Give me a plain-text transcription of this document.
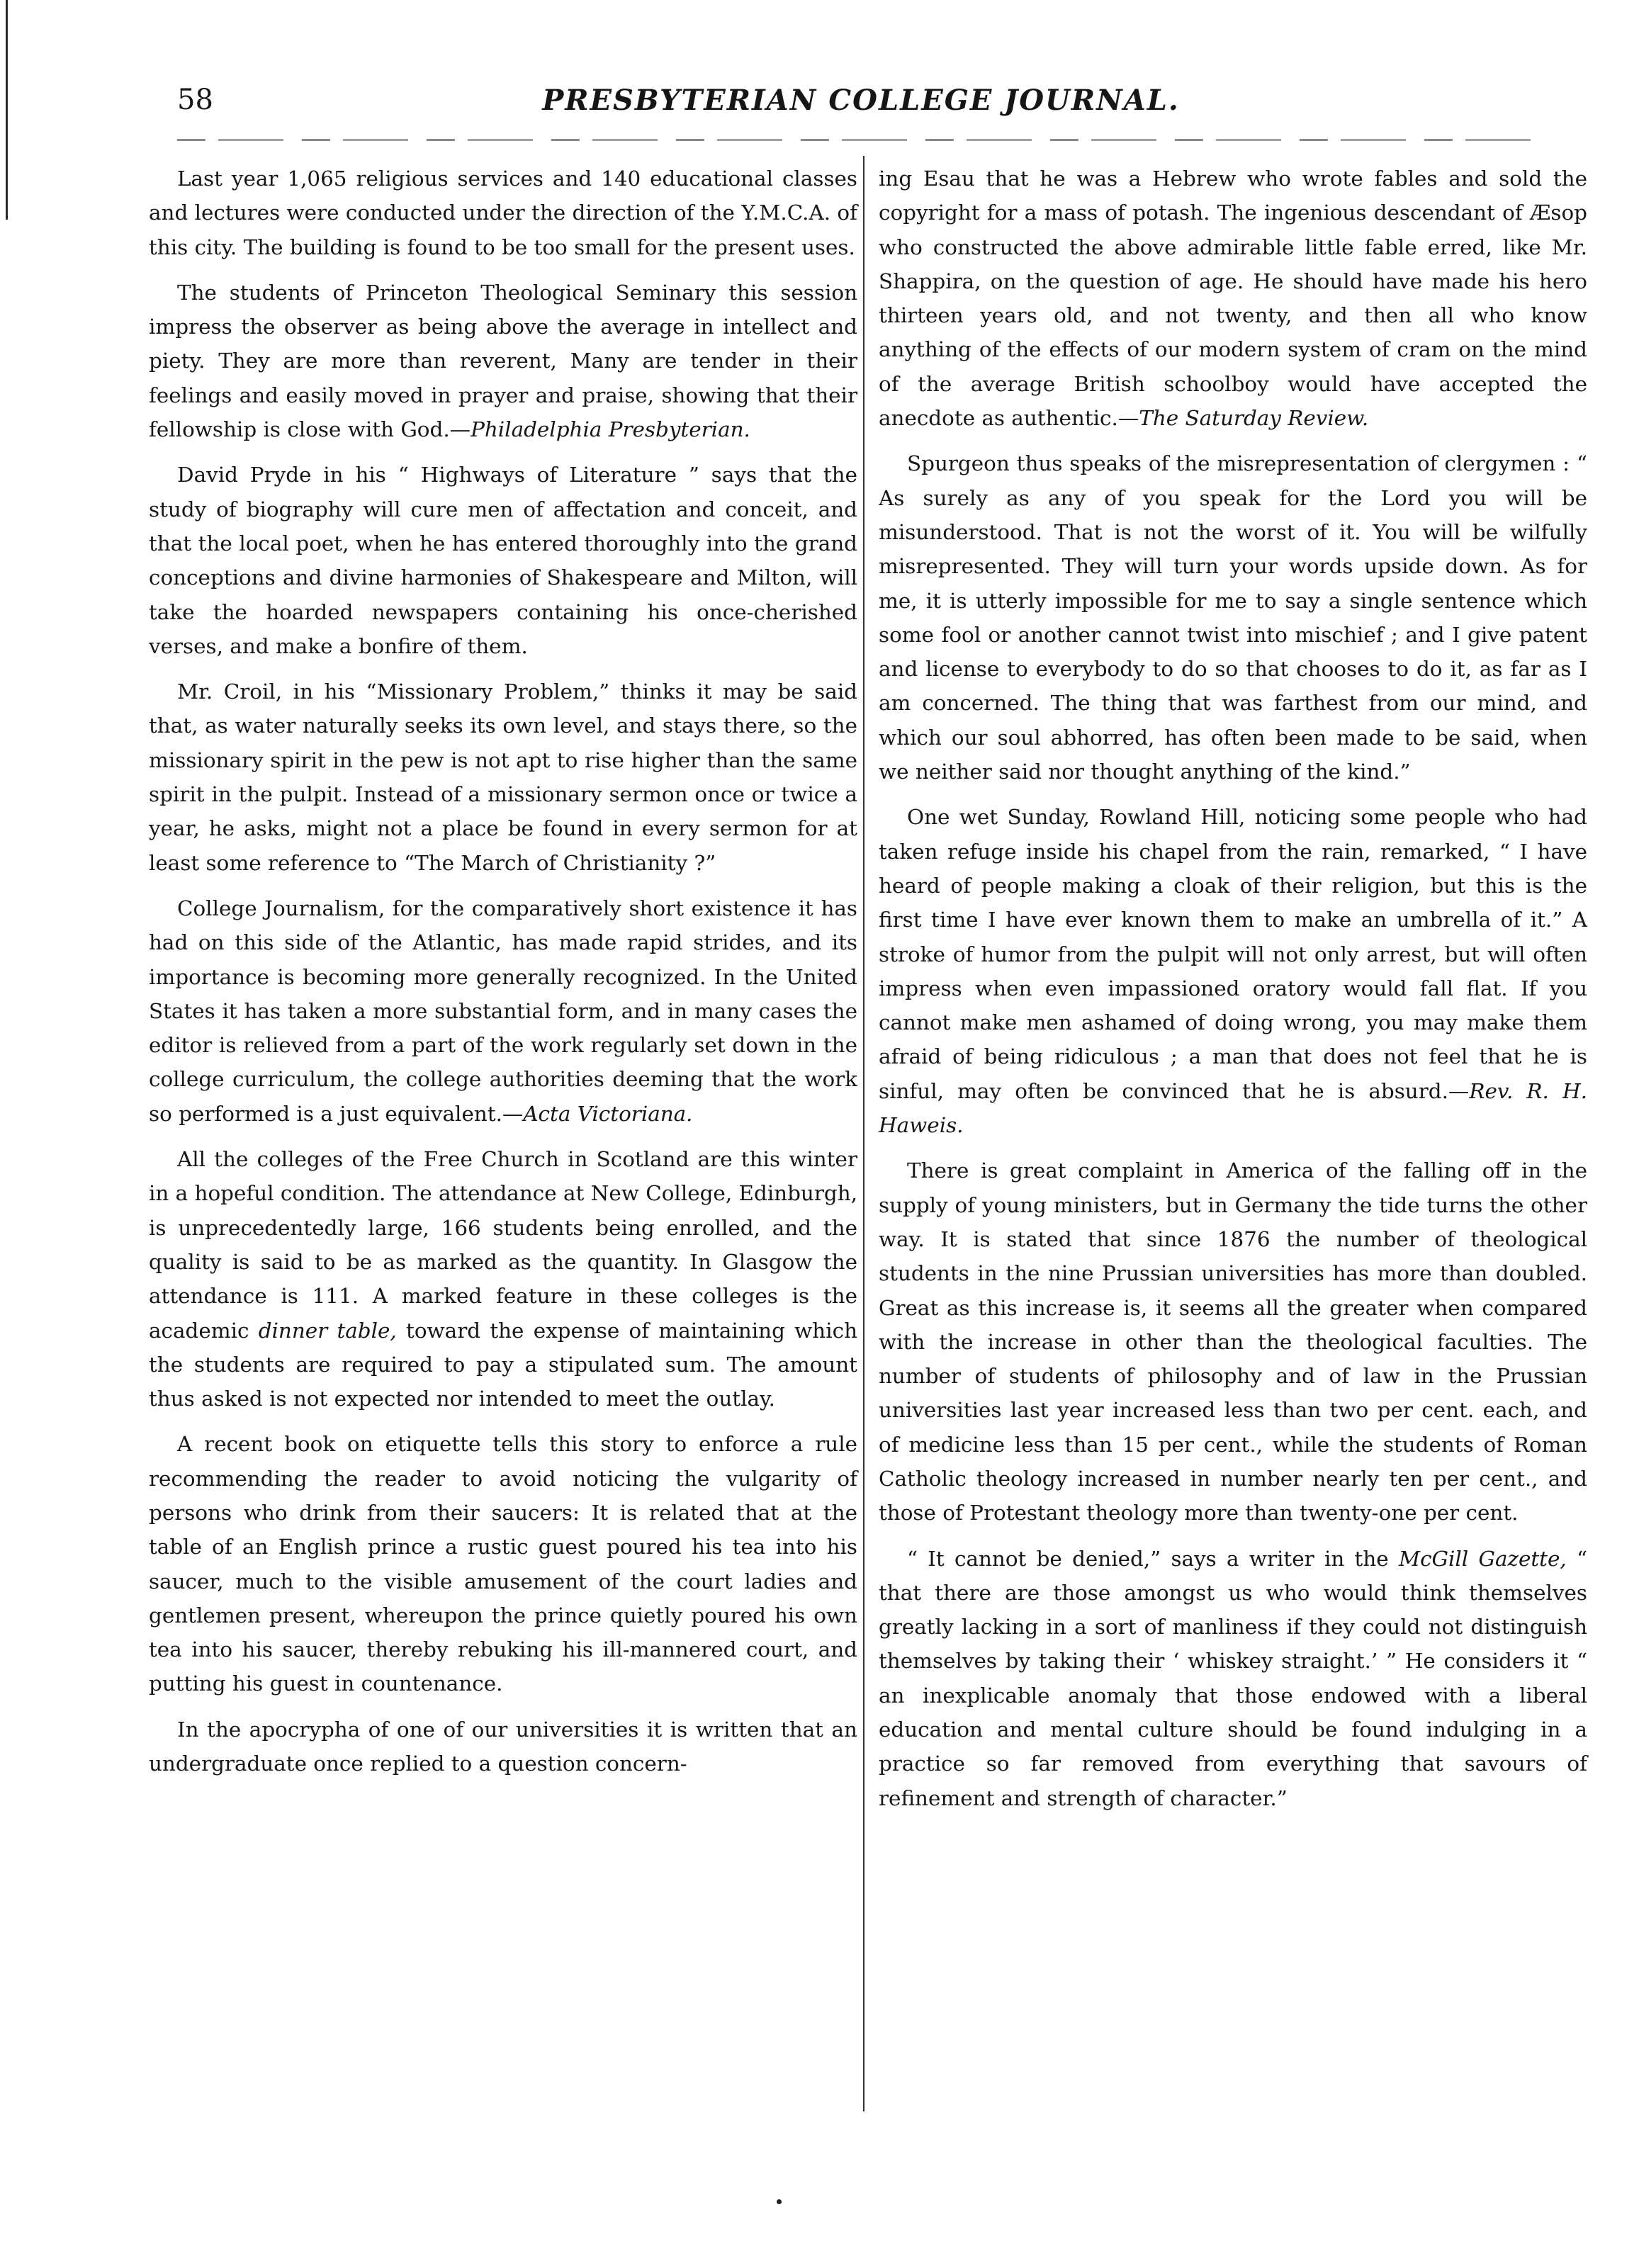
58	PRESBYTERIAN COLLEGE JOURNAL.

Last year 1,065 religious services and 140 educational classes and lectures were conducted under the direction of the Y.M.C.A. of this city. The building is found to be too small for the present uses.

The students of Princeton Theological Seminary this session impress the observer as being above the average in intellect and piety. They are more than reverent, Many are tender in their feelings and easily moved in prayer and praise, showing that their fellowship is close with God.—Philadelphia Presbyterian.

David Pryde in his “ Highways of Literature ” says that the study of biography will cure men of affectation and conceit, and that the local poet, when he has entered thoroughly into the grand conceptions and divine harmonies of Shakespeare and Milton, will take the hoarded newspapers containing his once-cherished verses, and make a bonfire of them.

Mr. Croil, in his “Missionary Problem,” thinks it may be said that, as water naturally seeks its own level, and stays there, so the missionary spirit in the pew is not apt to rise higher than the same spirit in the pulpit. Instead of a missionary sermon once or twice a year, he asks, might not a place be found in every sermon for at least some reference to “The March of Christianity ?”

College Journalism, for the comparatively short existence it has had on this side of the Atlantic, has made rapid strides, and its importance is becoming more generally recognized. In the United States it has taken a more substantial form, and in many cases the editor is relieved from a part of the work regularly set down in the college curriculum, the college authorities deeming that the work so performed is a just equivalent.—Acta Victoriana.

All the colleges of the Free Church in Scotland are this winter in a hopeful condition. The attendance at New College, Edinburgh, is unprecedentedly large, 166 students being enrolled, and the quality is said to be as marked as the quantity. In Glasgow the attendance is 111. A marked feature in these colleges is the academic dinner table, toward the expense of maintaining which the students are required to pay a stipulated sum. The amount thus asked is not expected nor intended to meet the outlay.

A recent book on etiquette tells this story to enforce a rule recommending the reader to avoid noticing the vulgarity of persons who drink from their saucers: It is related that at the table of an English prince a rustic guest poured his tea into his saucer, much to the visible amusement of the court ladies and gentlemen present, whereupon the prince quietly poured his own tea into his saucer, thereby rebuking his ill-mannered court, and putting his guest in countenance.

In the apocrypha of one of our universities it is written that an undergraduate once replied to a question concern-

ing Esau that he was a Hebrew who wrote fables and sold the copyright for a mass of potash. The ingenious descendant of Æsop who constructed the above admirable little fable erred, like Mr. Shappira, on the question of age. He should have made his hero thirteen years old, and not twenty, and then all who know anything of the effects of our modern system of cram on the mind of the average British schoolboy would have accepted the anecdote as authentic.—The Saturday Review.

Spurgeon thus speaks of the misrepresentation of clergymen : “ As surely as any of you speak for the Lord you will be misunderstood. That is not the worst of it. You will be wilfully misrepresented. They will turn your words upside down. As for me, it is utterly impossible for me to say a single sentence which some fool or another cannot twist into mischief ; and I give patent and license to everybody to do so that chooses to do it, as far as I am concerned. The thing that was farthest from our mind, and which our soul abhorred, has often been made to be said, when we neither said nor thought anything of the kind.”

One wet Sunday, Rowland Hill, noticing some people who had taken refuge inside his chapel from the rain, remarked, “ I have heard of people making a cloak of their religion, but this is the first time I have ever known them to make an umbrella of it.” A stroke of humor from the pulpit will not only arrest, but will often impress when even impassioned oratory would fall flat. If you cannot make men ashamed of doing wrong, you may make them afraid of being ridiculous ; a man that does not feel that he is sinful, may often be convinced that he is absurd.—Rev. R. H. Haweis.

There is great complaint in America of the falling off in the supply of young ministers, but in Germany the tide turns the other way. It is stated that since 1876 the number of theological students in the nine Prussian universities has more than doubled. Great as this increase is, it seems all the greater when compared with the increase in other than the theological faculties. The number of students of philosophy and of law in the Prussian universities last year increased less than two per cent. each, and of medicine less than 15 per cent., while the students of Roman Catholic theology increased in number nearly ten per cent., and those of Protestant theology more than twenty-one per cent.

“ It cannot be denied,” says a writer in the McGill Gazette, “ that there are those amongst us who would think themselves greatly lacking in a sort of manliness if they could not distinguish themselves by taking their ‘ whiskey straight.’ ” He considers it “ an inexplicable anomaly that those endowed with a liberal education and mental culture should be found indulging in a practice so far removed from everything that savours of refinement and strength of character.”
